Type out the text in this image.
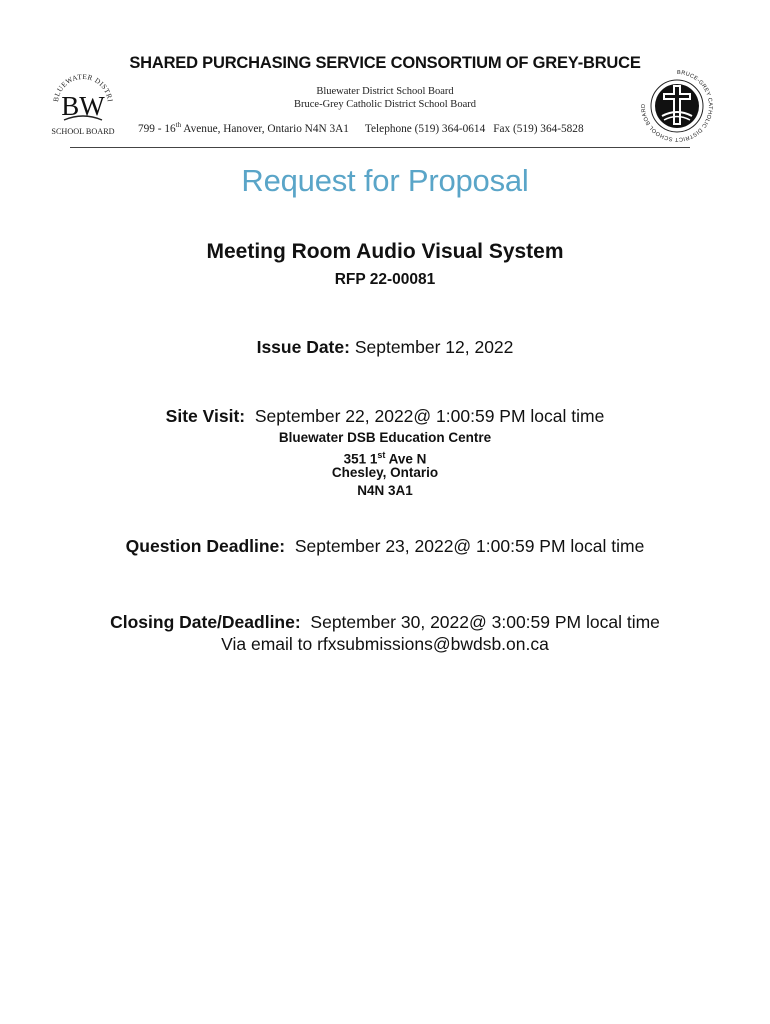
BLUEWATER DISTRI
BW
SCHOOL BOARD
BRUCE-GREY CATHOLIC DISTRICT SCHOOL BOARD
SHARED PURCHASING SERVICE CONSORTIUM OF GREY-BRUCE
Bluewater District School Board
Bruce-Grey Catholic District School Board
799 - 16th Avenue, Hanover, Ontario N4N 3A1 Telephone (519) 364-0614 Fax (519) 364-5828
Request for Proposal
Meeting Room Audio Visual System
RFP 22-00081
Issue Date: September 12, 2022
Site Visit:  September 22, 2022@ 1:00:59 PM local time
Bluewater DSB Education Centre
351 1st Ave N
Chesley, Ontario
N4N 3A1
Question Deadline:  September 23, 2022@ 1:00:59 PM local time
Closing Date/Deadline:  September 30, 2022@ 3:00:59 PM local time
Via email to rfxsubmissions@bwdsb.on.ca
